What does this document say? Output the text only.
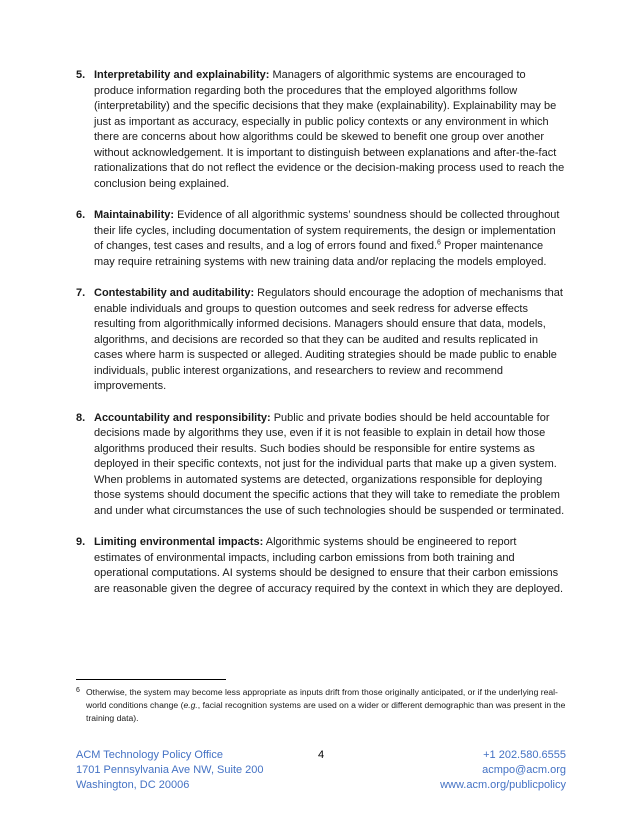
5. Interpretability and explainability: Managers of algorithmic systems are encouraged to produce information regarding both the procedures that the employed algorithms follow (interpretability) and the specific decisions that they make (explainability). Explainability may be just as important as accuracy, especially in public policy contexts or any environment in which there are concerns about how algorithms could be skewed to benefit one group over another without acknowledgement. It is important to distinguish between explanations and after-the-fact rationalizations that do not reflect the evidence or the decision-making process used to reach the conclusion being explained.
6. Maintainability: Evidence of all algorithmic systems’ soundness should be collected throughout their life cycles, including documentation of system requirements, the design or implementation of changes, test cases and results, and a log of errors found and fixed.$^6$ Proper maintenance may require retraining systems with new training data and/or replacing the models employed.
7. Contestability and auditability: Regulators should encourage the adoption of mechanisms that enable individuals and groups to question outcomes and seek redress for adverse effects resulting from algorithmically informed decisions. Managers should ensure that data, models, algorithms, and decisions are recorded so that they can be audited and results replicated in cases where harm is suspected or alleged. Auditing strategies should be made public to enable individuals, public interest organizations, and researchers to review and recommend improvements.
8. Accountability and responsibility: Public and private bodies should be held accountable for decisions made by algorithms they use, even if it is not feasible to explain in detail how those algorithms produced their results. Such bodies should be responsible for entire systems as deployed in their specific contexts, not just for the individual parts that make up a given system. When problems in automated systems are detected, organizations responsible for deploying those systems should document the specific actions that they will take to remediate the problem and under what circumstances the use of such technologies should be suspended or terminated.
9. Limiting environmental impacts: Algorithmic systems should be engineered to report estimates of environmental impacts, including carbon emissions from both training and operational computations. AI systems should be designed to ensure that their carbon emissions are reasonable given the degree of accuracy required by the context in which they are deployed.
6 Otherwise, the system may become less appropriate as inputs drift from those originally anticipated, or if the underlying real-world conditions change (e.g., facial recognition systems are used on a wider or different demographic than was present in the training data).
ACM Technology Policy Office
1701 Pennsylvania Ave NW, Suite 200
Washington, DC 20006
4	+1 202.580.6555
acmpo@acm.org
www.acm.org/publicpolicy
